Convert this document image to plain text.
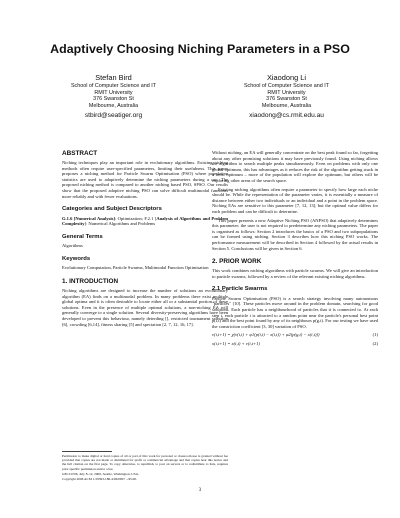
Adaptively Choosing Niching Parameters in a PSO
Stefan Bird
School of Computer Science and IT
RMIT University
376 Swanston St
Melbourne, Australia
stbird@seatiger.org
Xiaodong Li
School of Computer Science and IT
RMIT University
376 Swanston St
Melbourne, Australia
xiaodong@cs.rmit.edu.au
ABSTRACT

Niching techniques play an important role in evolutionary algorithms. Existing niching methods often require user-specified parameters, limiting their usefulness. This paper proposes a niching method for Particle Swarm Optimisation (PSO) where population statistics are used to adaptively determine the niching parameters during a run. The proposed niching method is compared to another niching based PSO, SPSO. Our results show that the proposed adaptive niching PSO can solve difficult multimodal functions more reliably and with fewer evaluations.

Categories and Subject Descriptors

G.1.6 [Numerical Analysis]: Optimization; F.2.1 [Analysis of Algorithms and Problem Complexity]: Numerical Algorithms and Problems

General Terms

Algorithms

Keywords

Evolutionary Computation, Particle Swarms, Multimodal Function Optimisation

1. INTRODUCTION

Niching algorithms are designed to increase the number of solutions an evolutionary algorithm (EA) finds on a multimodal problem. In many problems there exist multiple global optima and it is often desirable to locate either all or a substantial portion of these solutions. Even in the presence of multiple optimal solutions, a non-niching EA will generally converge to a single solution. Several diversity-preserving algorithms have been developed to prevent this behaviour, namely deterding [], restricted tournament selection [6], crowding [6,14], fitness sharing [5] and speciation [2, 7, 12, 16, 17].

Permission to make digital or hard copies of all or part of this work for personal or classroom use is granted without fee provided that copies are not made or distributed for profit or commercial advantage and that copies bear this notice and the full citation on the first page. To copy otherwise, to republish, to post on servers or to redistribute to lists, requires prior specific permission and/or a fee.

GECCO'06, July 8–12, 2006, Seattle, Washington, USA.

Copyright 2006 ACM 1-59593-186-4/06/0007 ...$5.00.

Without niching, an EA will generally concentrate on the best peak found so far, forgetting about any other promising solutions it may have previously found. Using niching allows the algorithm to search multiple peaks simultaneously. Even on problems with only one global optimum, this has advantages as it reduces the risk of the algorithm getting stuck in a local optimum – more of the population will explore the optimum, but others will be exploring other areas of the search space.

Existing niching algorithms often require a parameter to specify how large each niche should be. While the representation of the parameter varies, it is essentially a measure of distance between either two individuals or an individual and a point in the problem space. Niching EAs are sensitive to this parameter [7, 12, 13], but the optimal value differs for each problem and can be difficult to determine.

This paper presents a new Adaptive Niching PSO (ANPSO) that adaptively determines this parameter; the user is not required to predetermine any niching parameters. The paper is organised as follows: Section 2 introduces the basics of a PSO and two subpopulations can be formed using niching. Section 3 describes how this niching PSO works. The performance measurement will be described in Section 4 followed by the actual results in Section 5. Conclusions will be given in Section 6.

2. PRIOR WORK

This work combines niching algorithms with particle swarms. We will give an introduction to particle swarms, followed by a review of the relevant existing niching algorithms.

2.1 Particle Swarms

Particle Swarm Optimisation (PSO) is a search strategy involving many autonomous "particles" [10]. These particles move around in the problem domain, searching for good solutions. Each particle has a neighbourhood of particles that it is connected to. At each step t, each particle i is attracted to a random point near the particle's personal best point p(i,t) and the best point found by any of its neighbours p(g,t). For our testing we have used the constriction coefficient [3, 30] variation of PSO.

v(i,t+1) = χ(v(i,t) + φ1(p(i,t) − x(i,t)) + φ2(p(g,t) − x(i,t)))	(1)
x(i,t+1) = x(i,t) + v(i,t+1)	(2)
3
